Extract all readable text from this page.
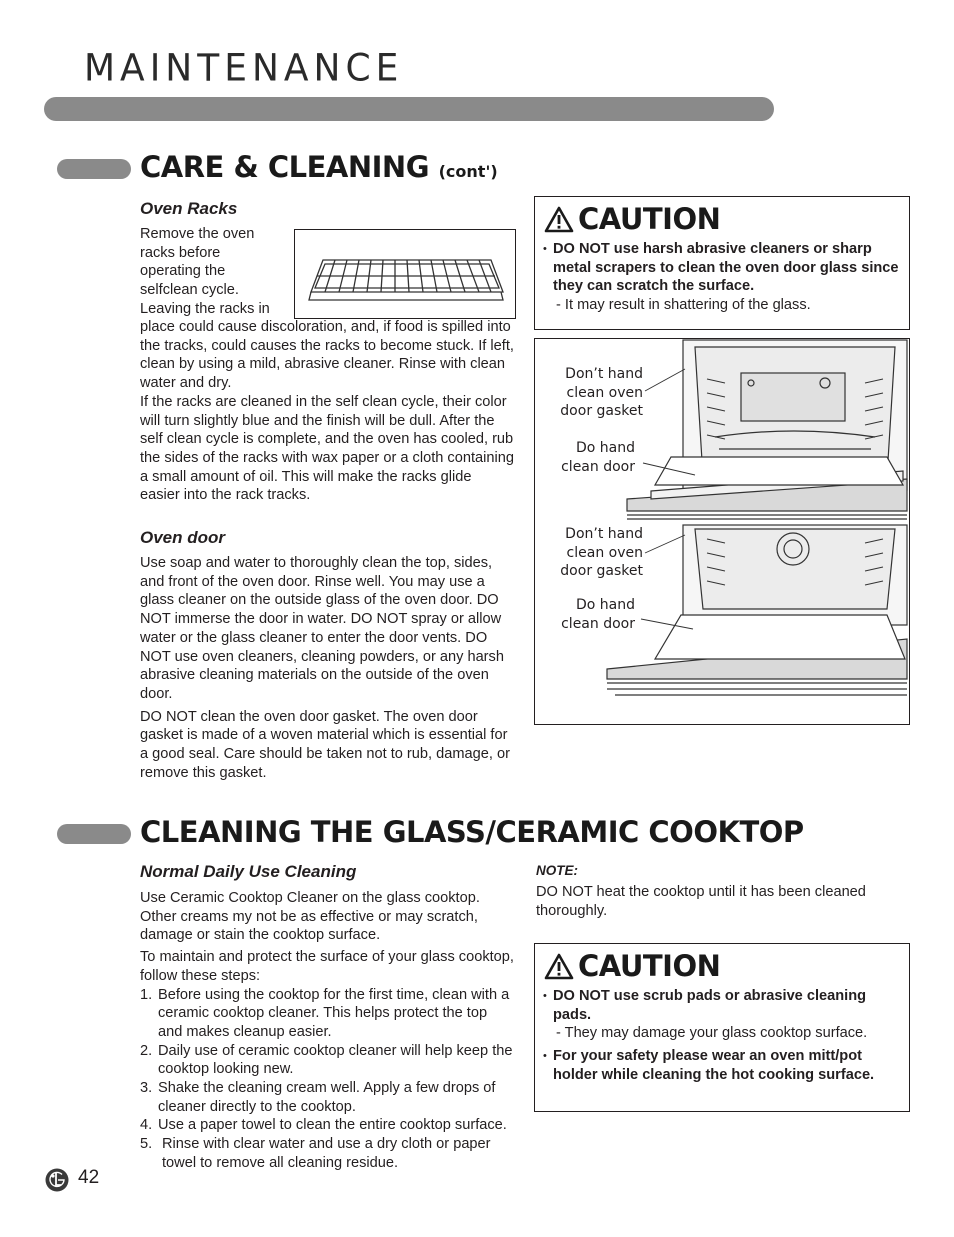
MAINTENANCE
CARE & CLEANING (cont')
Oven Racks
Remove the oven
racks before
operating the
selfclean cycle.
Leaving the racks in

place could cause discoloration, and, if food is spilled into the tracks, could causes the racks to become stuck. If left, clean by using a mild, abrasive cleaner. Rinse with clean water and dry.

If the racks are cleaned in the self clean cycle, their color will turn slightly blue and the finish will be dull. After the self clean cycle is complete, and the oven has cooled, rub the sides of the racks with wax paper or a cloth containing a small amount of oil. This will make the racks glide easier into the rack tracks.

Oven door

Use soap and water to thoroughly clean the top, sides, and front of the oven door. Rinse well. You may use a glass cleaner on the outside glass of the oven door. DO NOT immerse the door in water. DO NOT spray or allow water or the glass cleaner to enter the door vents. DO NOT use oven cleaners, cleaning powders, or any harsh abrasive cleaning materials on the outside of the oven door.

DO NOT clean the oven door gasket. The oven door gasket is made of a woven material which is essential for a good seal. Care should be taken not to rub, damage, or remove this gasket.

CAUTION
• DO NOT use harsh abrasive cleaners or sharp metal scrapers to clean the oven door glass since they can scratch the surface.
- It may result in shattering of the glass.
Don’t hand
clean oven
door gasket
Do hand
clean door
Don’t hand
clean oven
door gasket
Do hand
clean door
CLEANING THE GLASS/CERAMIC COOKTOP
Normal Daily Use Cleaning

Use Ceramic Cooktop Cleaner on the glass cooktop. Other creams my not be as effective or may scratch, damage or stain the cooktop surface.

To maintain and protect the surface of your glass cooktop, follow these steps:

1. Before using the cooktop for the first time, clean with a ceramic cooktop cleaner. This helps protect the top and makes cleanup easier.
2. Daily use of ceramic cooktop cleaner will help keep the cooktop looking new.
3. Shake the cleaning cream well. Apply a few drops of cleaner directly to the cooktop.
4. Use a paper towel to clean the entire cooktop surface.
5. Rinse with clear water and use a dry cloth or paper towel to remove all cleaning residue.
NOTE:
DO NOT heat the cooktop until it has been cleaned thoroughly.
CAUTION
• DO NOT use scrub pads or abrasive cleaning pads.
- They may damage your glass cooktop surface.
• For your safety please wear an oven mitt/pot holder while cleaning the hot cooking surface.
42
